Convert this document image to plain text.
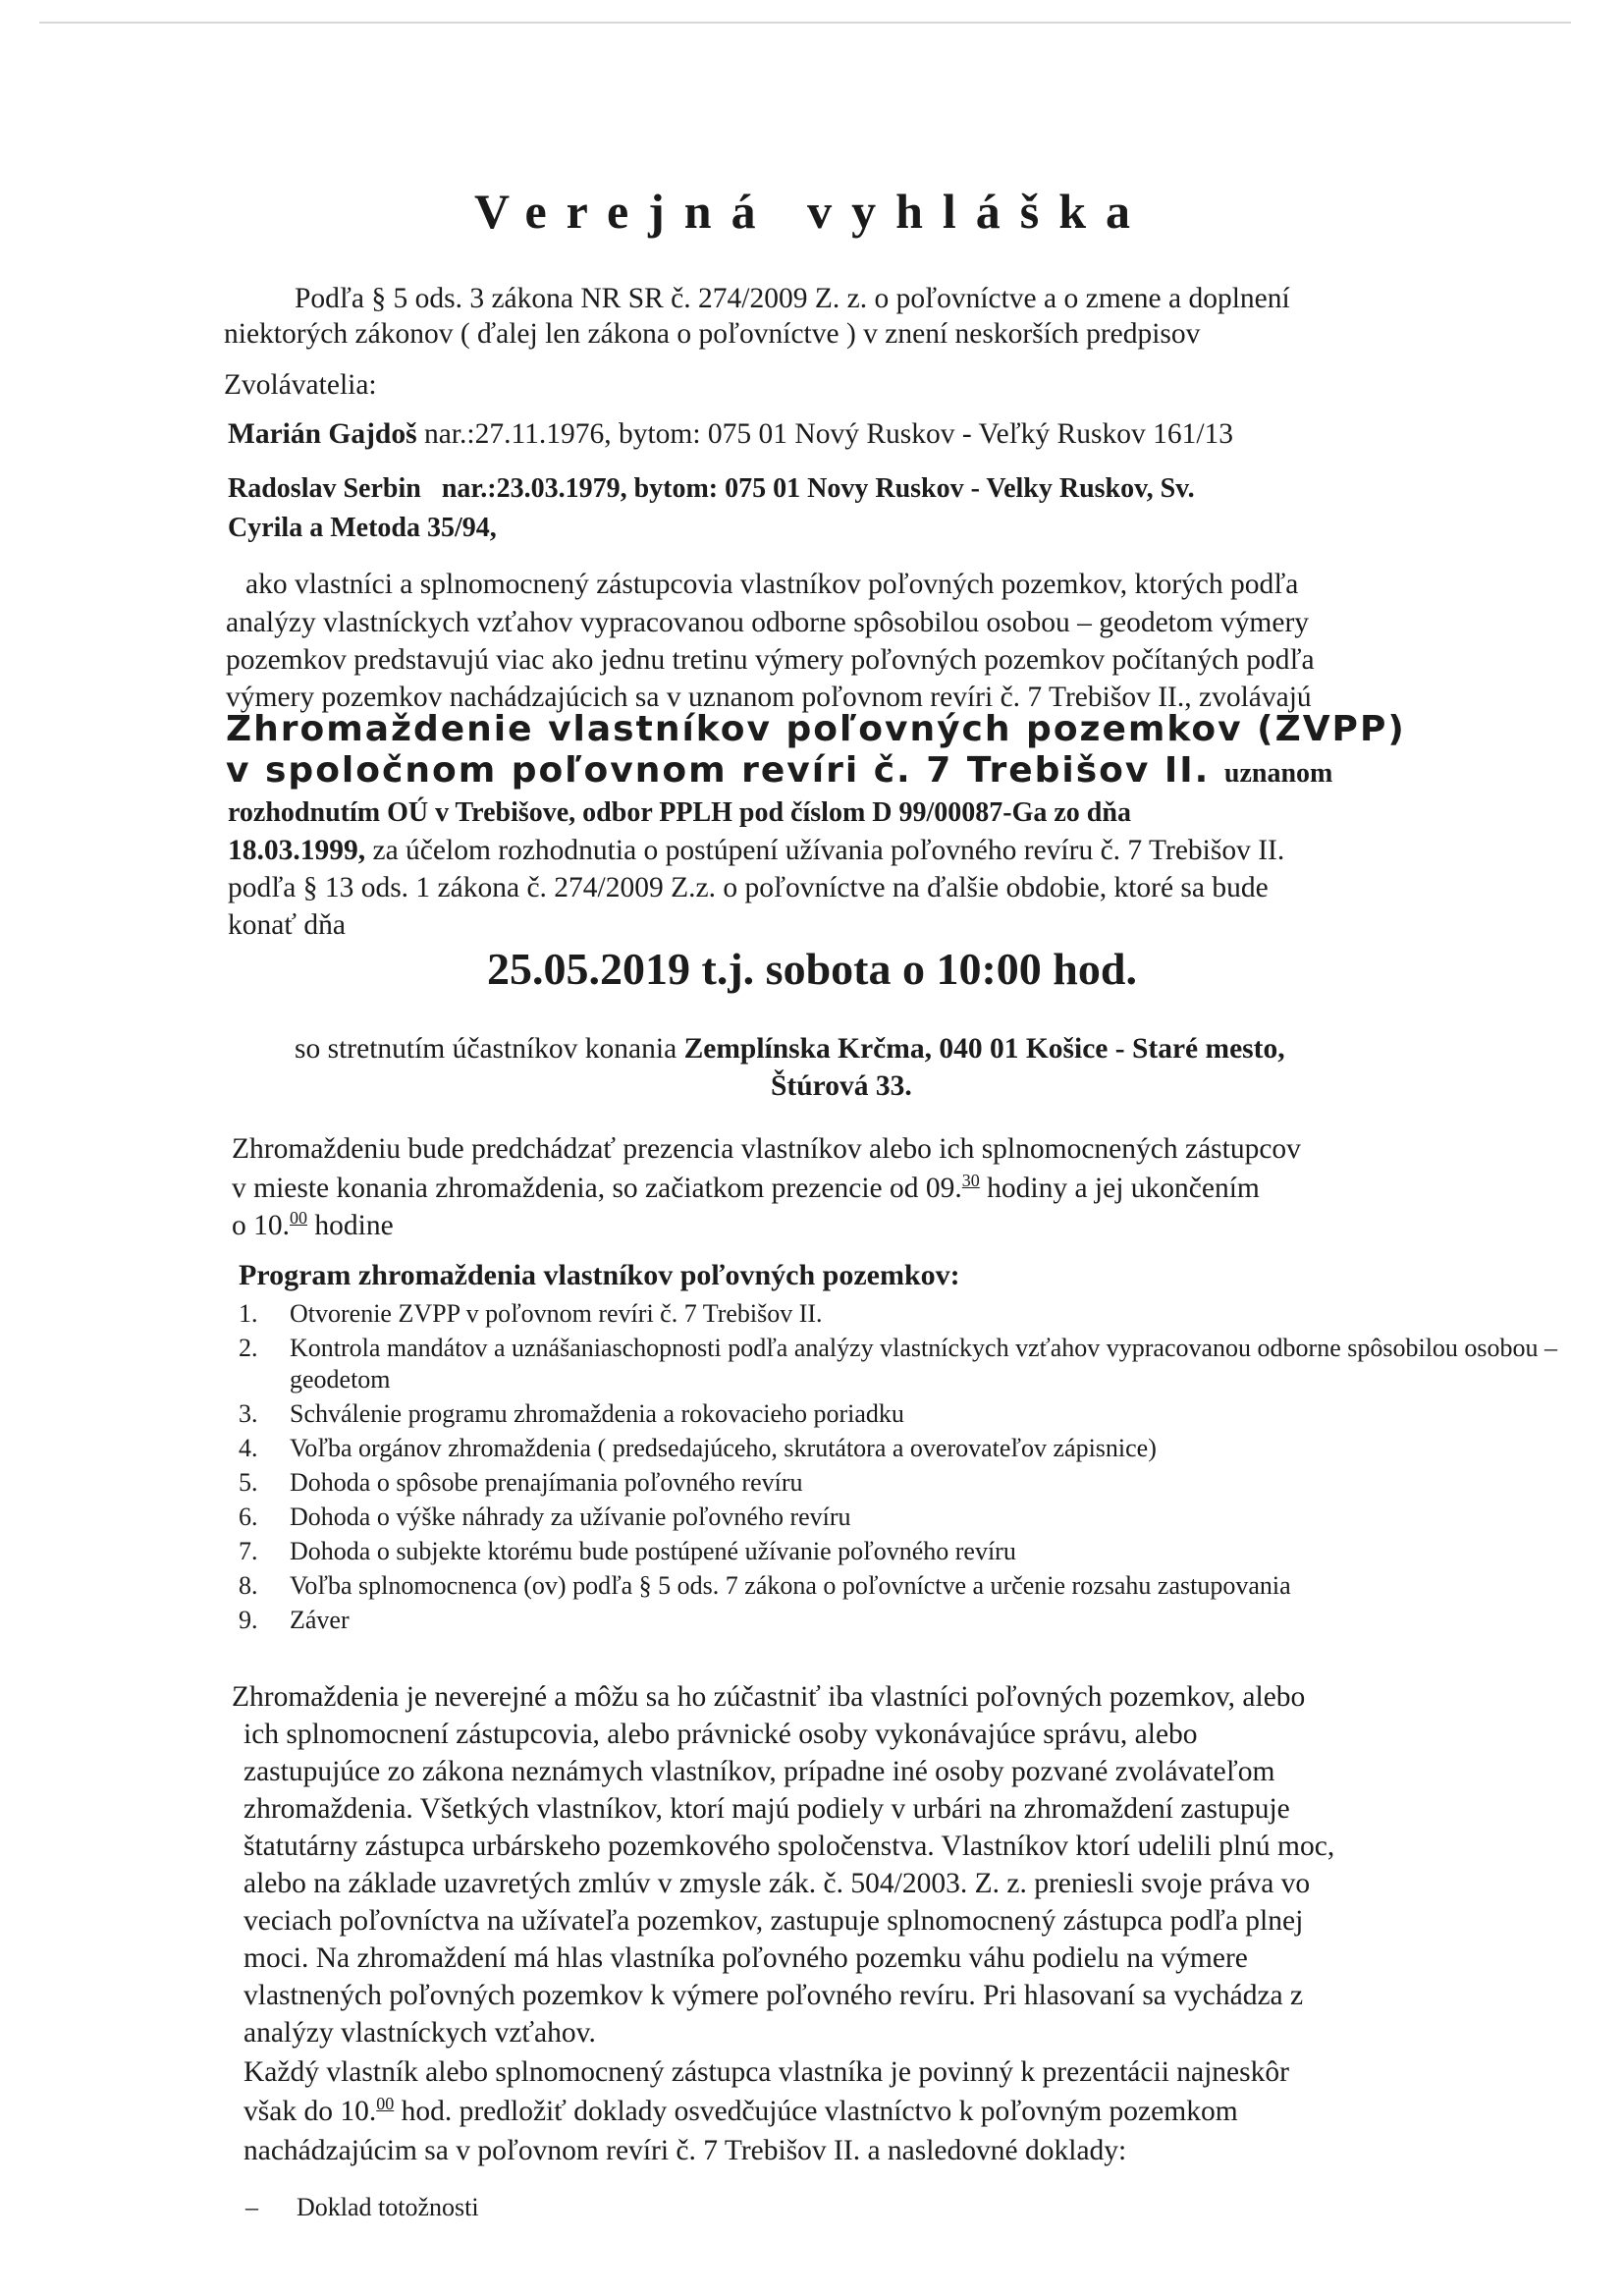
Verejná vyhláška
Podľa § 5 ods. 3 zákona NR SR č. 274/2009 Z. z. o poľovníctve a o zmene a doplnení
niektorých zákonov ( ďalej len zákona o poľovníctve ) v znení neskorších predpisov
Zvolávatelia:
Marián Gajdoš nar.:27.11.1976, bytom: 075 01 Nový Ruskov - Veľký Ruskov 161/13
Radoslav Serbin nar.:23.03.1979, bytom: 075 01 Novy Ruskov - Velky Ruskov, Sv.
Cyrila a Metoda 35/94,
ako vlastníci a splnomocnený zástupcovia vlastníkov poľovných pozemkov, ktorých podľa
analýzy vlastníckych vzťahov vypracovanou odborne spôsobilou osobou – geodetom výmery
pozemkov predstavujú viac ako jednu tretinu výmery poľovných pozemkov počítaných podľa
výmery pozemkov nachádzajúcich sa v uznanom poľovnom revíri č. 7 Trebišov II., zvolávajú
Zhromaždenie vlastníkov poľovných pozemkov (ZVPP)
v spoločnom poľovnom revíri č. 7 Trebišov II. uznanom
rozhodnutím OÚ v Trebišove, odbor PPLH pod číslom D 99/00087-Ga zo dňa
18.03.1999, za účelom rozhodnutia o postúpení užívania poľovného revíru č. 7 Trebišov II.
podľa § 13 ods. 1 zákona č. 274/2009 Z.z. o poľovníctve na ďalšie obdobie, ktoré sa bude
konať dňa
25.05.2019 t.j. sobota o 10:00 hod.
so stretnutím účastníkov konania Zemplínska Krčma, 040 01 Košice - Staré mesto,
Štúrová 33.
Zhromaždeniu bude predchádzať prezencia vlastníkov alebo ich splnomocnených zástupcov
v mieste konania zhromaždenia, so začiatkom prezencie od 09.30 hodiny a jej ukončením
o 10.00 hodine
Program zhromaždenia vlastníkov poľovných pozemkov:
1. Otvorenie ZVPP v poľovnom revíri č. 7 Trebišov II.
2. Kontrola mandátov a uznášaniaschopnosti podľa analýzy vlastníckych vzťahov vypracovanou odborne spôsobilou osobou – geodetom
3. Schválenie programu zhromaždenia a rokovacieho poriadku
4. Voľba orgánov zhromaždenia ( predsedajúceho, skrutátora a overovateľov zápisnice)
5. Dohoda o spôsobe prenajímania poľovného revíru
6. Dohoda o výške náhrady za užívanie poľovného revíru
7. Dohoda o subjekte ktorému bude postúpené užívanie poľovného revíru
8. Voľba splnomocnenca (ov) podľa § 5 ods. 7 zákona o poľovníctve a určenie rozsahu zastupovania
9. Záver
Zhromaždenia je neverejné a môžu sa ho zúčastniť iba vlastníci poľovných pozemkov, alebo
ich splnomocnení zástupcovia, alebo právnické osoby vykonávajúce správu, alebo
zastupujúce zo zákona neznámych vlastníkov, prípadne iné osoby pozvané zvolávateľom
zhromaždenia. Všetkých vlastníkov, ktorí majú podiely v urbári na zhromaždení zastupuje
štatutárny zástupca urbárskeho pozemkového spoločenstva. Vlastníkov ktorí udelili plnú moc,
alebo na základe uzavretých zmlúv v zmysle zák. č. 504/2003. Z. z. preniesli svoje práva vo
veciach poľovníctva na užívateľa pozemkov, zastupuje splnomocnený zástupca podľa plnej
moci. Na zhromaždení má hlas vlastníka poľovného pozemku váhu podielu na výmere
vlastnených poľovných pozemkov k výmere poľovného revíru. Pri hlasovaní sa vychádza z
analýzy vlastníckych vzťahov.
Každý vlastník alebo splnomocnený zástupca vlastníka je povinný k prezentácii najneskôr
však do 10.00 hod. predložiť doklady osvedčujúce vlastníctvo k poľovným pozemkom
nachádzajúcim sa v poľovnom revíri č. 7 Trebišov II. a nasledovné doklady:
– Doklad totožnosti
